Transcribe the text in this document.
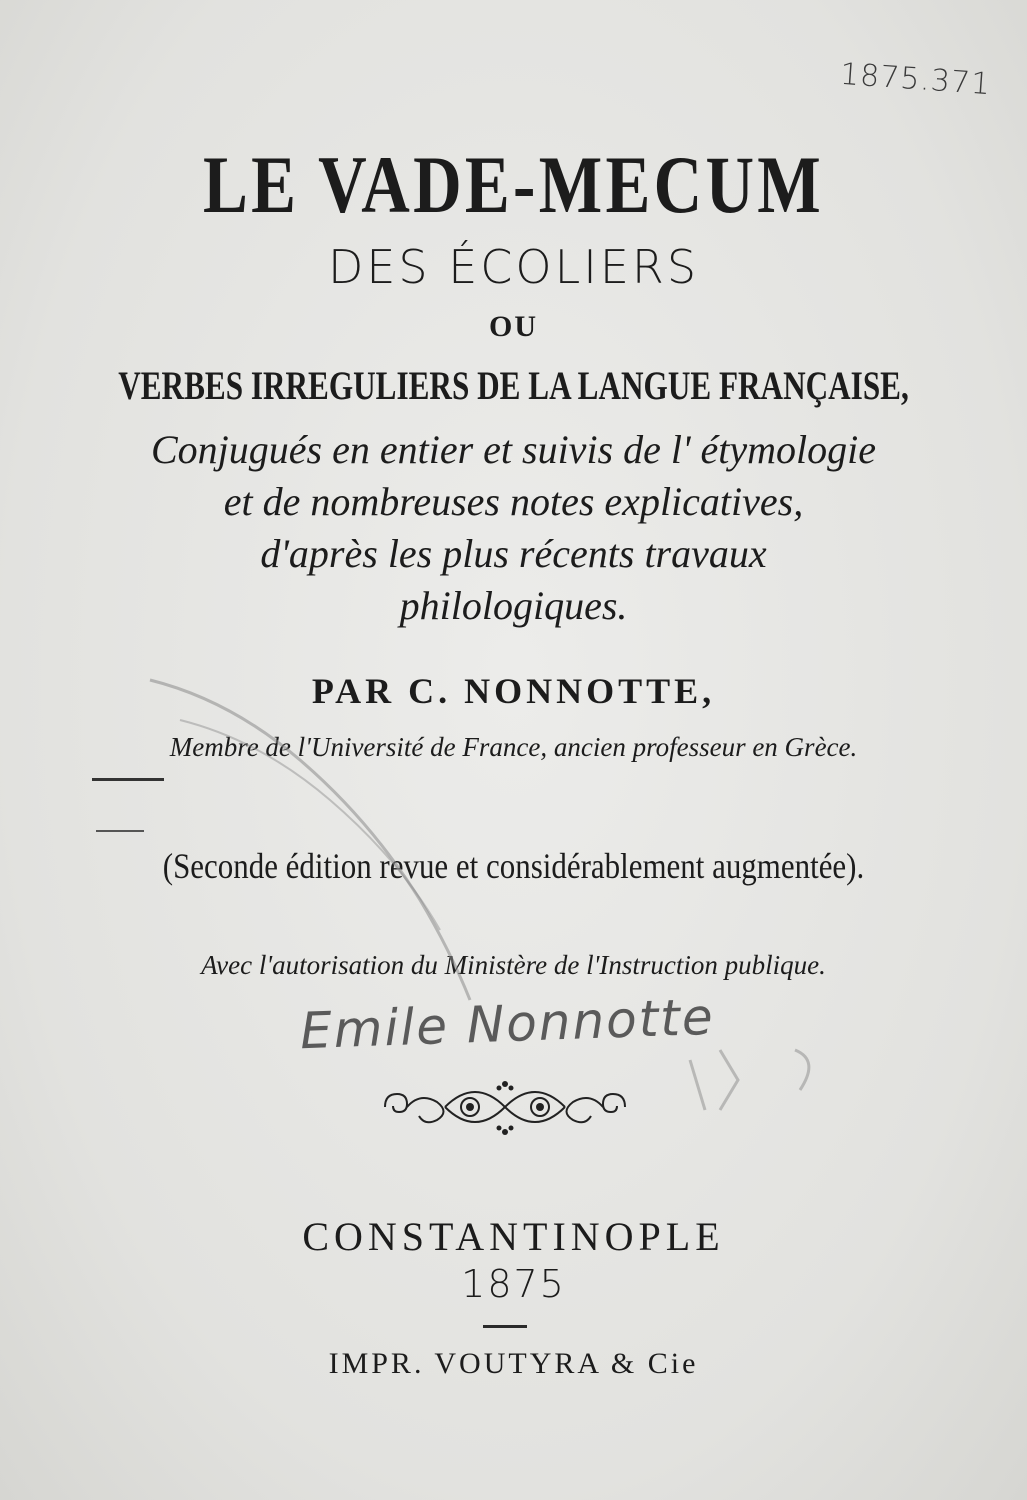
1875.371
LE VADE-MECUM
DES ÉCOLIERS
OU
VERBES IRREGULIERS DE LA LANGUE FRANÇAISE,
Conjugués en entier et suivis de l' étymologie
et de nombreuses notes explicatives,
d'après les plus récents travaux
philologiques.
PAR C. NONNOTTE,
Membre de l'Université de France, ancien professeur en Grèce.
(Seconde édition revue et considérablement augmentée).
Avec l'autorisation du Ministère de l'Instruction publique.
Emile Nonnotte
CONSTANTINOPLE
1875
IMPR. VOUTYRA & Cie
